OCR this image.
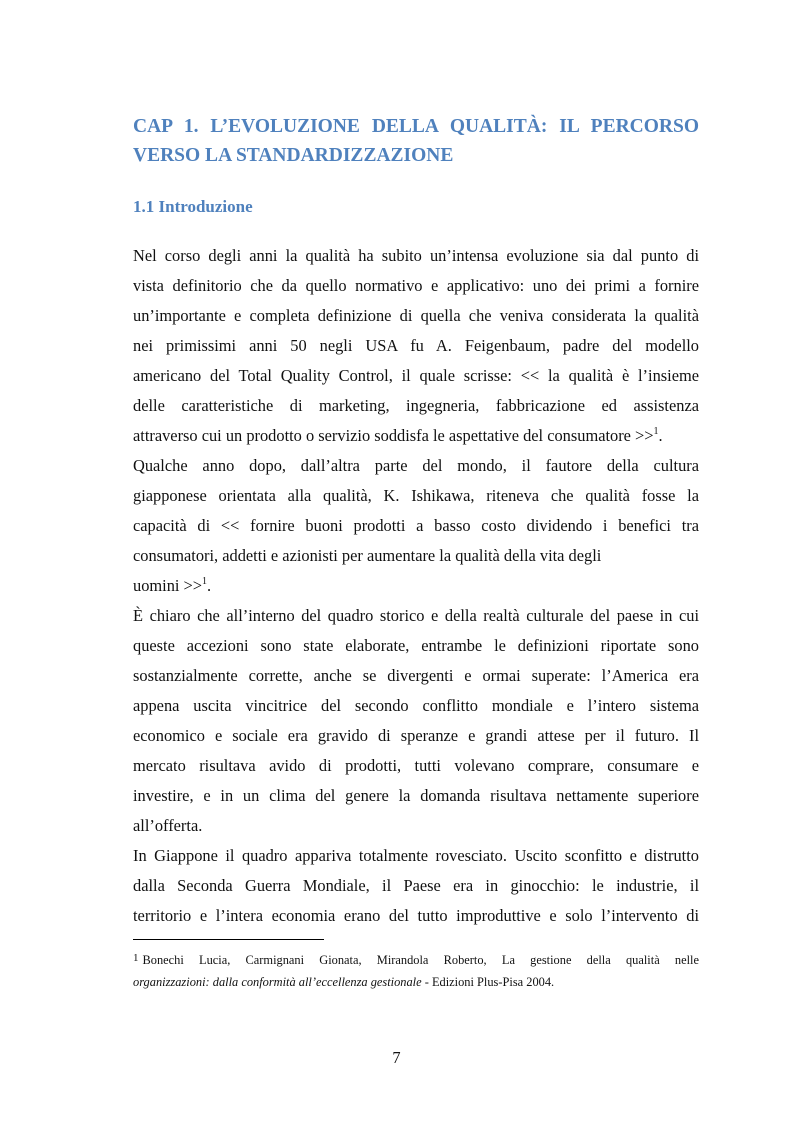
CAP 1. L’EVOLUZIONE DELLA QUALITÀ: IL PERCORSO
VERSO LA STANDARDIZZAZIONE
1.1 Introduzione
Nel corso degli anni la qualità ha subito un’intensa evoluzione sia dal punto di
vista definitorio che da quello normativo e applicativo: uno dei primi a fornire
un’importante e completa definizione di quella che veniva considerata la qualità
nei primissimi anni 50 negli USA fu A. Feigenbaum, padre del modello
americano del Total Quality Control, il quale scrisse: << la qualità è l’insieme
delle caratteristiche di marketing, ingegneria, fabbricazione ed assistenza
attraverso cui un prodotto o servizio soddisfa le aspettative del consumatore >>$^1$.
Qualche anno dopo, dall’altra parte del mondo, il fautore della cultura
giapponese orientata alla qualità, K. Ishikawa, riteneva che qualità fosse la
capacità di << fornire buoni prodotti a basso costo dividendo i benefici tra
consumatori, addetti e azionisti per aumentare la qualità della vita degli
uomini >>$^1$.
È chiaro che all’interno del quadro storico e della realtà culturale del paese in cui
queste accezioni sono state elaborate, entrambe le definizioni riportate sono
sostanzialmente corrette, anche se divergenti e ormai superate: l’America era
appena uscita vincitrice del secondo conflitto mondiale e l’intero sistema
economico e sociale era gravido di speranze e grandi attese per il futuro. Il
mercato risultava avido di prodotti, tutti volevano comprare, consumare e
investire, e in un clima del genere la domanda risultava nettamente superiore
all’offerta.
In Giappone il quadro appariva totalmente rovesciato. Uscito sconfitto e distrutto
dalla Seconda Guerra Mondiale, il Paese era in ginocchio: le industrie, il
territorio e l’intera economia erano del tutto improduttive e solo l’intervento di
1 Bonechi Lucia, Carmignani Gionata, Mirandola Roberto, La gestione della qualità nelle
organizzazioni: dalla conformità all’eccellenza gestionale - Edizioni Plus-Pisa 2004.
7
